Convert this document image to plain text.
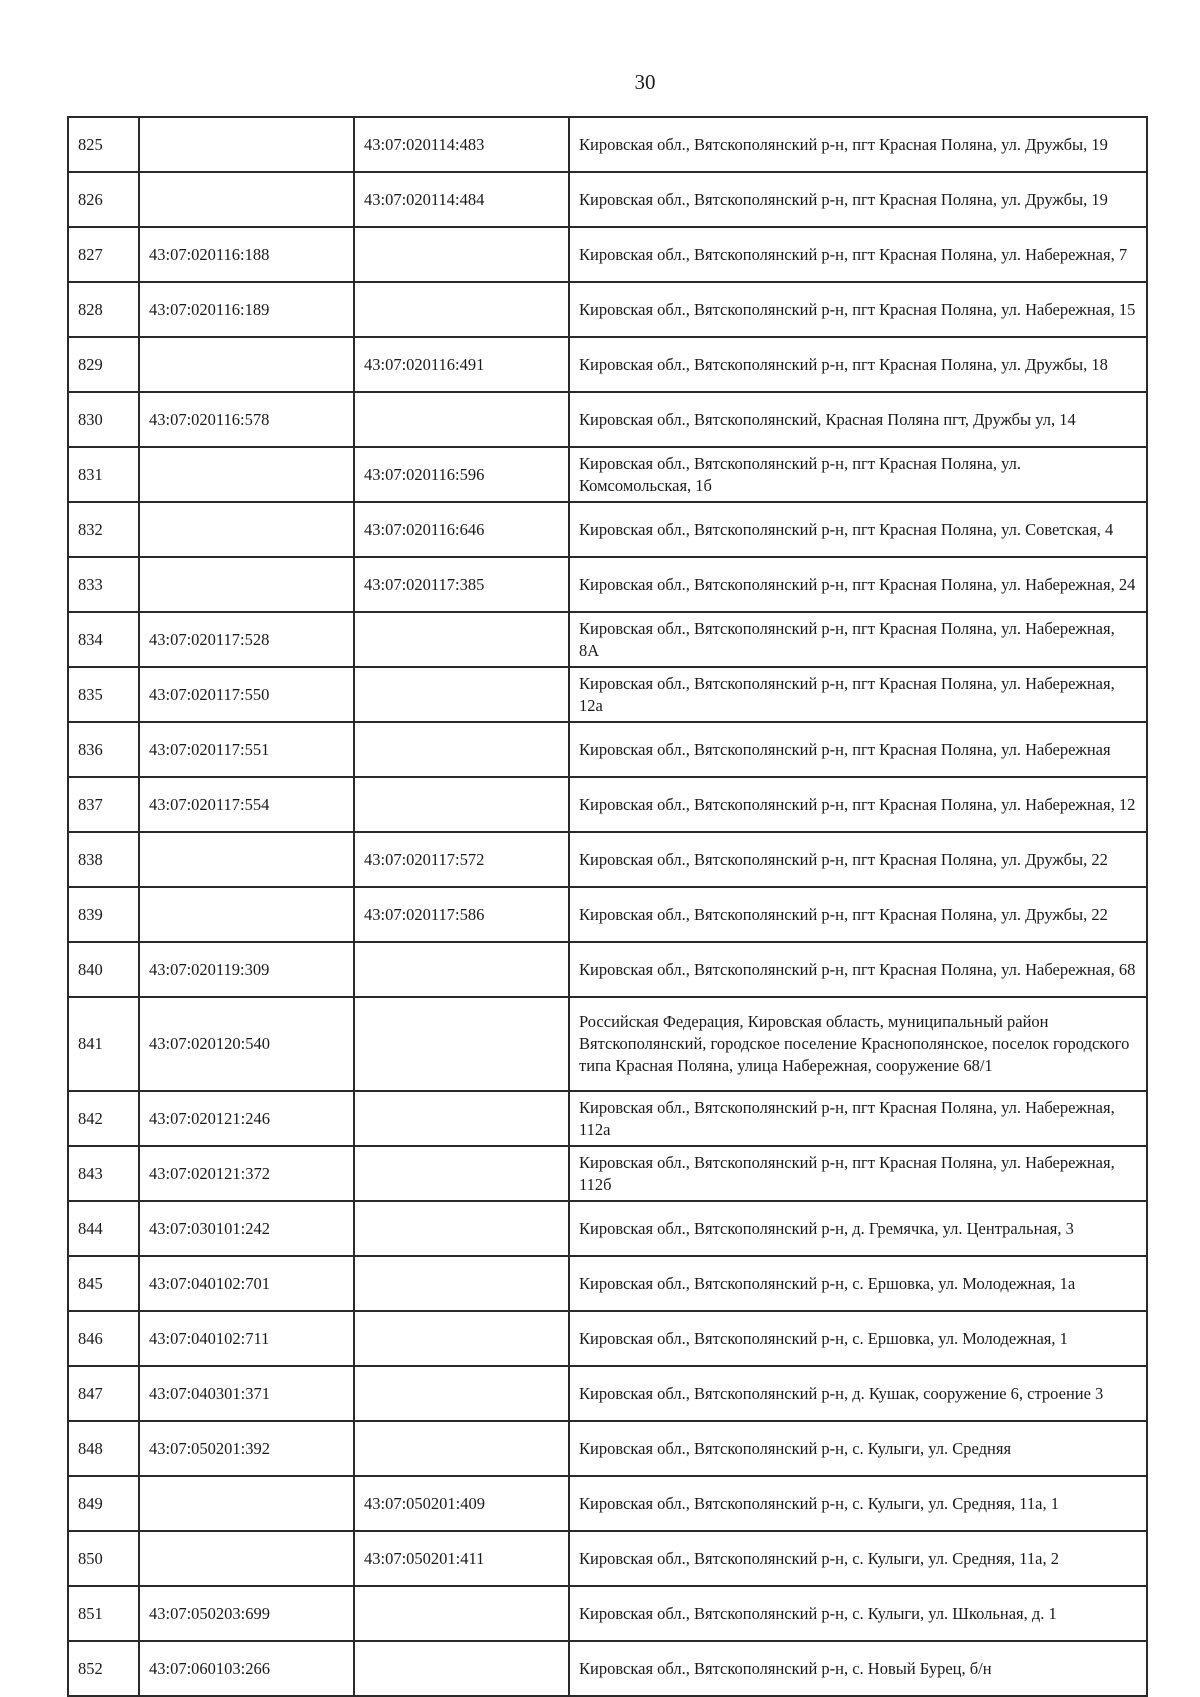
30
825		43:07:020114:483	Кировская обл., Вятскополянский р-н, пгт Красная Поляна, ул. Дружбы, 19
826		43:07:020114:484	Кировская обл., Вятскополянский р-н, пгт Красная Поляна, ул. Дружбы, 19
827	43:07:020116:188		Кировская обл., Вятскополянский р-н, пгт Красная Поляна, ул. Набережная, 7
828	43:07:020116:189		Кировская обл., Вятскополянский р-н, пгт Красная Поляна, ул. Набережная, 15
829		43:07:020116:491	Кировская обл., Вятскополянский р-н, пгт Красная Поляна, ул. Дружбы, 18
830	43:07:020116:578		Кировская обл., Вятскополянский, Красная Поляна пгт, Дружбы ул, 14
831		43:07:020116:596	Кировская обл., Вятскополянский р-н, пгт Красная Поляна, ул. Комсомольская, 1б
832		43:07:020116:646	Кировская обл., Вятскополянский р-н, пгт Красная Поляна, ул. Советская, 4
833		43:07:020117:385	Кировская обл., Вятскополянский р-н, пгт Красная Поляна, ул. Набережная, 24
834	43:07:020117:528		Кировская обл., Вятскополянский р-н, пгт Красная Поляна, ул. Набережная, 8А
835	43:07:020117:550		Кировская обл., Вятскополянский р-н, пгт Красная Поляна, ул. Набережная, 12а
836	43:07:020117:551		Кировская обл., Вятскополянский р-н, пгт Красная Поляна, ул. Набережная
837	43:07:020117:554		Кировская обл., Вятскополянский р-н, пгт Красная Поляна, ул. Набережная, 12
838		43:07:020117:572	Кировская обл., Вятскополянский р-н, пгт Красная Поляна, ул. Дружбы, 22
839		43:07:020117:586	Кировская обл., Вятскополянский р-н, пгт Красная Поляна, ул. Дружбы, 22
840	43:07:020119:309		Кировская обл., Вятскополянский р-н, пгт Красная Поляна, ул. Набережная, 68
841	43:07:020120:540		Российская Федерация, Кировская область, муниципальный район Вятскополянский, городское поселение Краснополянское, поселок городского типа Красная Поляна, улица Набережная, сооружение 68/1
842	43:07:020121:246		Кировская обл., Вятскополянский р-н, пгт Красная Поляна, ул. Набережная, 112а
843	43:07:020121:372		Кировская обл., Вятскополянский р-н, пгт Красная Поляна, ул. Набережная, 112б
844	43:07:030101:242		Кировская обл., Вятскополянский р-н, д. Гремячка, ул. Центральная, 3
845	43:07:040102:701		Кировская обл., Вятскополянский р-н, с. Ершовка, ул. Молодежная, 1а
846	43:07:040102:711		Кировская обл., Вятскополянский р-н, с. Ершовка, ул. Молодежная, 1
847	43:07:040301:371		Кировская обл., Вятскополянский р-н, д. Кушак, сооружение 6, строение 3
848	43:07:050201:392		Кировская обл., Вятскополянский р-н, с. Кулыги, ул. Средняя
849		43:07:050201:409	Кировская обл., Вятскополянский р-н, с. Кулыги, ул. Средняя, 11а, 1
850		43:07:050201:411	Кировская обл., Вятскополянский р-н, с. Кулыги, ул. Средняя, 11а, 2
851	43:07:050203:699		Кировская обл., Вятскополянский р-н, с. Кулыги, ул. Школьная, д. 1
852	43:07:060103:266		Кировская обл., Вятскополянский р-н, с. Новый Бурец, б/н
